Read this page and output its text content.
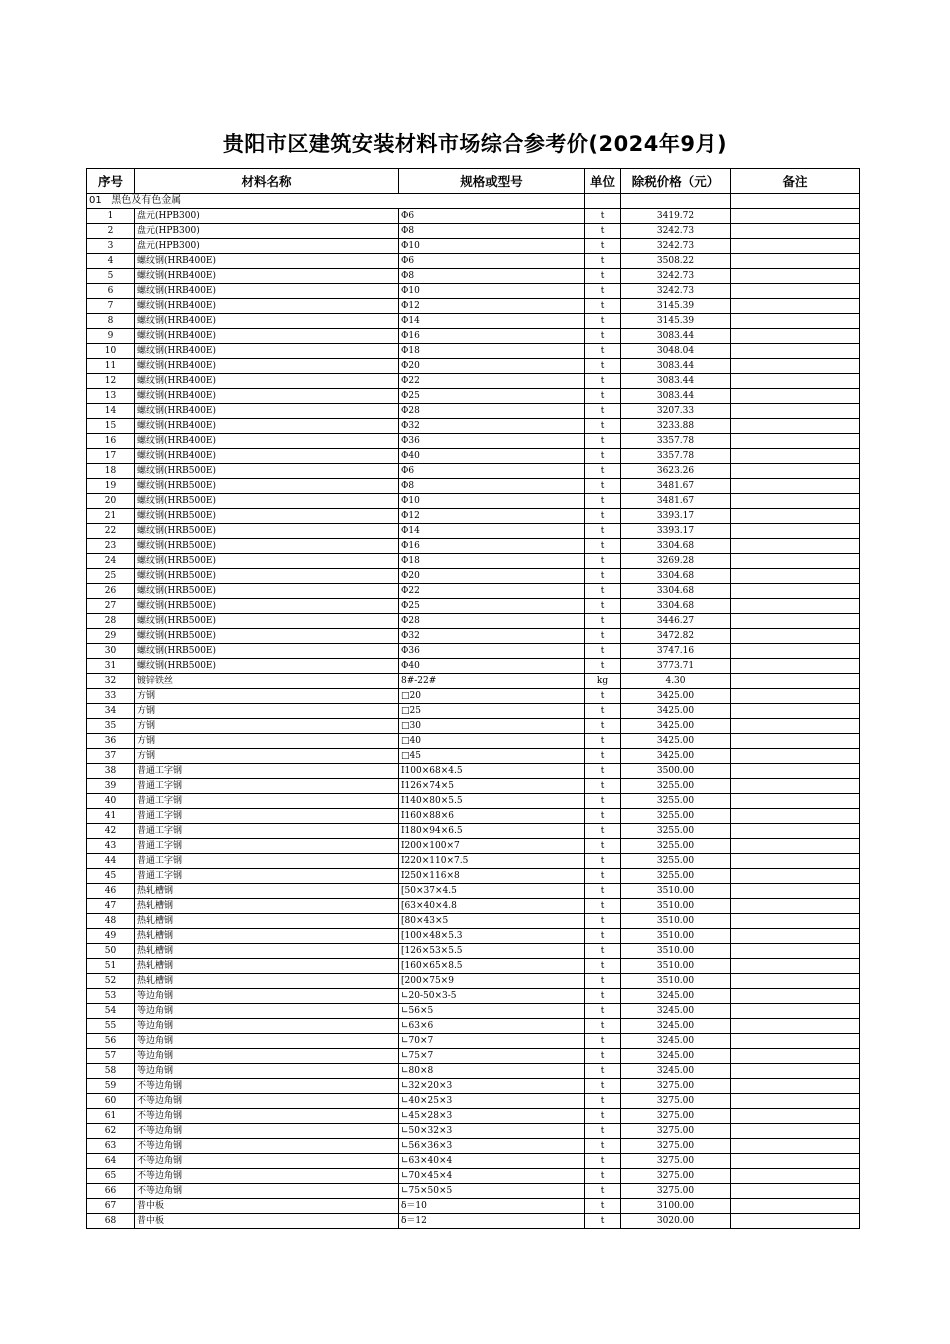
贵阳市区建筑安装材料市场综合参考价(2024年9月)
序号	材料名称	规格或型号	单位	除税价格（元）	备注
01 黑色及有色金属					
1	盘元(HPB300)	Φ6	t	3419.72	
2	盘元(HPB300)	Φ8	t	3242.73	
3	盘元(HPB300)	Φ10	t	3242.73	
4	螺纹钢(HRB400E)	Φ6	t	3508.22	
5	螺纹钢(HRB400E)	Φ8	t	3242.73	
6	螺纹钢(HRB400E)	Φ10	t	3242.73	
7	螺纹钢(HRB400E)	Φ12	t	3145.39	
8	螺纹钢(HRB400E)	Φ14	t	3145.39	
9	螺纹钢(HRB400E)	Φ16	t	3083.44	
10	螺纹钢(HRB400E)	Φ18	t	3048.04	
11	螺纹钢(HRB400E)	Φ20	t	3083.44	
12	螺纹钢(HRB400E)	Φ22	t	3083.44	
13	螺纹钢(HRB400E)	Φ25	t	3083.44	
14	螺纹钢(HRB400E)	Φ28	t	3207.33	
15	螺纹钢(HRB400E)	Φ32	t	3233.88	
16	螺纹钢(HRB400E)	Φ36	t	3357.78	
17	螺纹钢(HRB400E)	Φ40	t	3357.78	
18	螺纹钢(HRB500E)	Φ6	t	3623.26	
19	螺纹钢(HRB500E)	Φ8	t	3481.67	
20	螺纹钢(HRB500E)	Φ10	t	3481.67	
21	螺纹钢(HRB500E)	Φ12	t	3393.17	
22	螺纹钢(HRB500E)	Φ14	t	3393.17	
23	螺纹钢(HRB500E)	Φ16	t	3304.68	
24	螺纹钢(HRB500E)	Φ18	t	3269.28	
25	螺纹钢(HRB500E)	Φ20	t	3304.68	
26	螺纹钢(HRB500E)	Φ22	t	3304.68	
27	螺纹钢(HRB500E)	Φ25	t	3304.68	
28	螺纹钢(HRB500E)	Φ28	t	3446.27	
29	螺纹钢(HRB500E)	Φ32	t	3472.82	
30	螺纹钢(HRB500E)	Φ36	t	3747.16	
31	螺纹钢(HRB500E)	Φ40	t	3773.71	
32	镀锌铁丝	8#-22#	kg	4.30	
33	方钢	□20	t	3425.00	
34	方钢	□25	t	3425.00	
35	方钢	□30	t	3425.00	
36	方钢	□40	t	3425.00	
37	方钢	□45	t	3425.00	
38	普通工字钢	I100×68×4.5	t	3500.00	
39	普通工字钢	I126×74×5	t	3255.00	
40	普通工字钢	I140×80×5.5	t	3255.00	
41	普通工字钢	I160×88×6	t	3255.00	
42	普通工字钢	I180×94×6.5	t	3255.00	
43	普通工字钢	I200×100×7	t	3255.00	
44	普通工字钢	I220×110×7.5	t	3255.00	
45	普通工字钢	I250×116×8	t	3255.00	
46	热轧槽钢	[50×37×4.5	t	3510.00	
47	热轧槽钢	[63×40×4.8	t	3510.00	
48	热轧槽钢	[80×43×5	t	3510.00	
49	热轧槽钢	[100×48×5.3	t	3510.00	
50	热轧槽钢	[126×53×5.5	t	3510.00	
51	热轧槽钢	[160×65×8.5	t	3510.00	
52	热轧槽钢	[200×75×9	t	3510.00	
53	等边角钢	∟20-50×3-5	t	3245.00	
54	等边角钢	∟56×5	t	3245.00	
55	等边角钢	∟63×6	t	3245.00	
56	等边角钢	∟70×7	t	3245.00	
57	等边角钢	∟75×7	t	3245.00	
58	等边角钢	∟80×8	t	3245.00	
59	不等边角钢	∟32×20×3	t	3275.00	
60	不等边角钢	∟40×25×3	t	3275.00	
61	不等边角钢	∟45×28×3	t	3275.00	
62	不等边角钢	∟50×32×3	t	3275.00	
63	不等边角钢	∟56×36×3	t	3275.00	
64	不等边角钢	∟63×40×4	t	3275.00	
65	不等边角钢	∟70×45×4	t	3275.00	
66	不等边角钢	∟75×50×5	t	3275.00	
67	普中板	δ＝10	t	3100.00	
68	普中板	δ＝12	t	3020.00	
